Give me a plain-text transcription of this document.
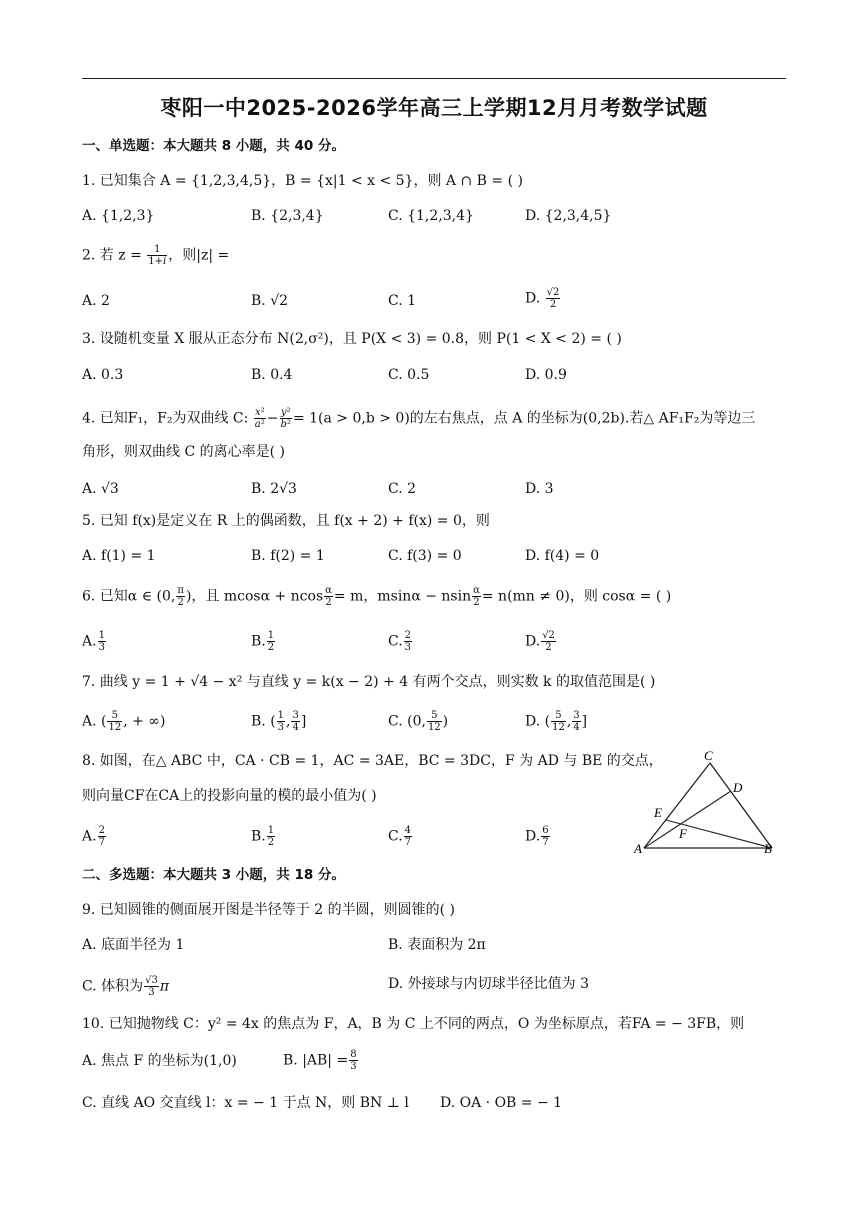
枣阳一中2025-2026学年高三上学期12月月考数学试题
一、单选题：本大题共 8 小题，共 40 分。
1. 已知集合 A = {1,2,3,4,5}，B = {x|1 < x < 5}，则 A ∩ B = ( )
A. {1,2,3}	B. {2,3,4}	C. {1,2,3,4}	D. {2,3,4,5}
2. 若 $z = \frac{1}{1+i}$ ，则|z| =
A. 2	B. √2	C. 1	D. $\frac{√2}{2}$
3. 设随机变量 X 服从正态分布 N(2,σ²)，且 P(X < 3) = 0.8，则 P(1 < X < 2) = ( )
A. 0.3	B. 0.4	C. 0.5	D. 0.9
4. 已知F₁，F₂为双曲线 C: $\frac{\text{x²}}{\text{a²}} - \frac{\text{y²}}{\text{b²}} = 1(a > 0,b > 0)$的左右焦点，点 A 的坐标为(0,2b).若△ AF₁F₂为等边三
角形，则双曲线 C 的离心率是( )
A. √3	B. 2√3	C. 2	D. 3
5. 已知 f(x)是定义在 R 上的偶函数，且 f(x + 2) + f(x) = 0，则
A. f(1) = 1	B. f(2) = 1	C. f(3) = 0	D. f(4) = 0
6. 已知α ∈ (0, $\frac{\pi}{2}$ )，且 mcosα + ncos $\frac{\alpha}{2} = m$，msinα − nsin $\frac{\alpha}{2} = n(mn \ne 0)$，则 cosα = ( )
A. $\frac{1}{3}$	B. $\frac{1}{2}$	C. $\frac{2}{3}$	D. $\frac{√2}{2}$
7. 曲线 y = 1 + √4 − x² 与直线 y = k(x − 2) + 4 有两个交点，则实数 k 的取值范围是( )
A. ( $\frac{5}{12}$ , + ∞)	B. ( $\frac{1}{3}$ , $\frac{3}{4}$ ]	C. (0, $\frac{5}{12}$ )	D. ( $\frac{5}{12}$ , $\frac{3}{4}$ ]
8. 如图，在△ ABC 中，CA · CB = 1，AC = 3AE，BC = 3DC，F 为 AD 与 BE 的交点，
则向量CF在CA上的投影向量的模的最小值为( )
A. $\frac{2}{7}$	B. $\frac{1}{2}$	C. $\frac{4}{7}$	D. $\frac{6}{7}$
C
D
E
F
A	B
二、多选题：本大题共 3 小题，共 18 分。
9. 已知圆锥的侧面展开图是半径等于 2 的半圆，则圆锥的( )
A. 底面半径为 1	B. 表面积为 2π
C. 体积为 $\frac{√3}{3}$ π	D. 外接球与内切球半径比值为 3
10. 已知抛物线 C：y² = 4x 的焦点为 F，A，B 为 C 上不同的两点，O 为坐标原点，若FA = − 3FB，则
A. 焦点 F 的坐标为(1,0)	B. $|AB| = \frac{8}{3}$
C. 直线 AO 交直线 l：x = − 1 于点 N，则 BN ⊥ l D. OA · OB = − 1
